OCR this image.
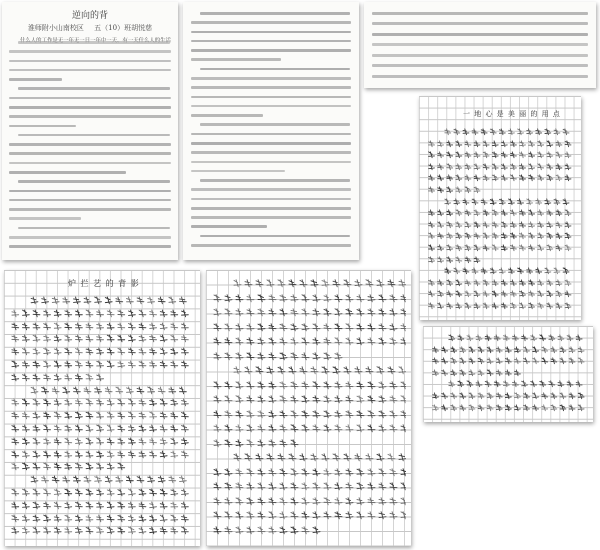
逆向的背

淮师附小山南校区 五（10）班胡悦慈

一 地 心 是 美 丽 的 用 点
炉 拦 艺 的 背 影
